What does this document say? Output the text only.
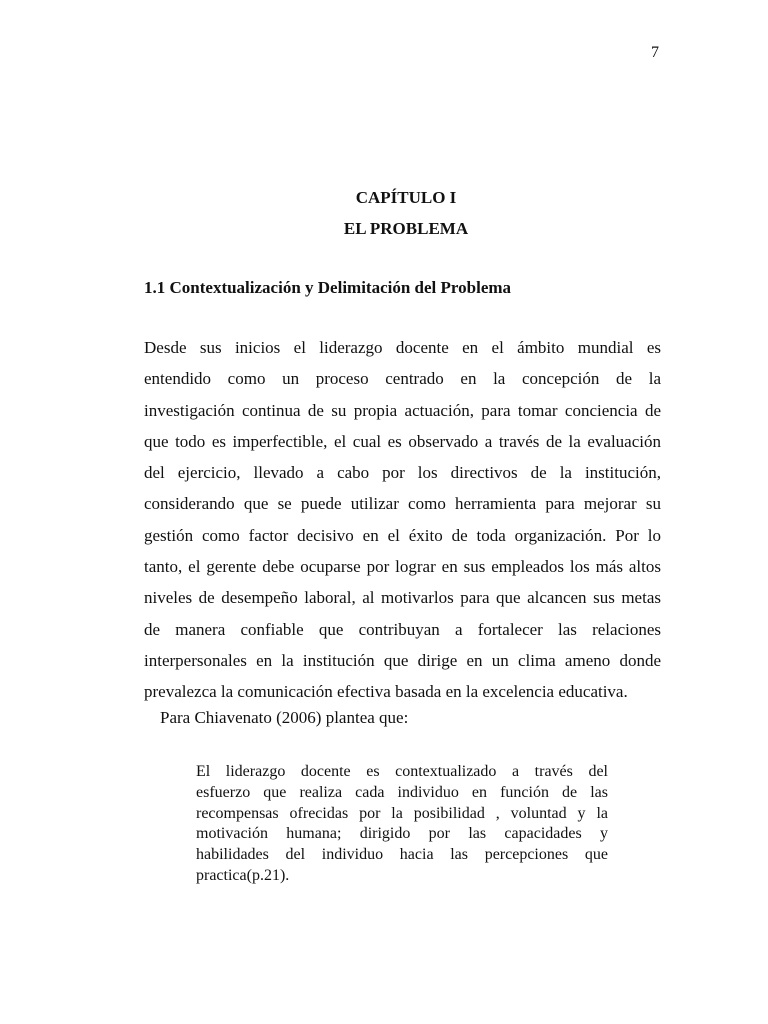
7
CAPÍTULO I
EL PROBLEMA
1.1 Contextualización y Delimitación del Problema
Desde sus inicios el liderazgo docente en el ámbito mundial es
entendido como un proceso centrado en la concepción de la
investigación continua de su propia actuación, para tomar conciencia de
que todo es imperfectible, el cual es observado a través de la evaluación
del ejercicio, llevado a cabo por los directivos de la institución,
considerando que se puede utilizar como herramienta para mejorar su
gestión como factor decisivo en el éxito de toda organización. Por lo
tanto, el gerente debe ocuparse por lograr en sus empleados los más altos
niveles de desempeño laboral, al motivarlos para que alcancen sus metas
de manera confiable que contribuyan a fortalecer las relaciones
interpersonales en la institución que dirige en un clima ameno donde
prevalezca la comunicación efectiva basada en la excelencia educativa.
Para Chiavenato (2006) plantea que:
El liderazgo docente es contextualizado a través del
esfuerzo que realiza cada individuo en función de las
recompensas ofrecidas por la posibilidad , voluntad y la
motivación humana; dirigido por las capacidades y
habilidades del individuo hacia las percepciones que
practica(p.21).
